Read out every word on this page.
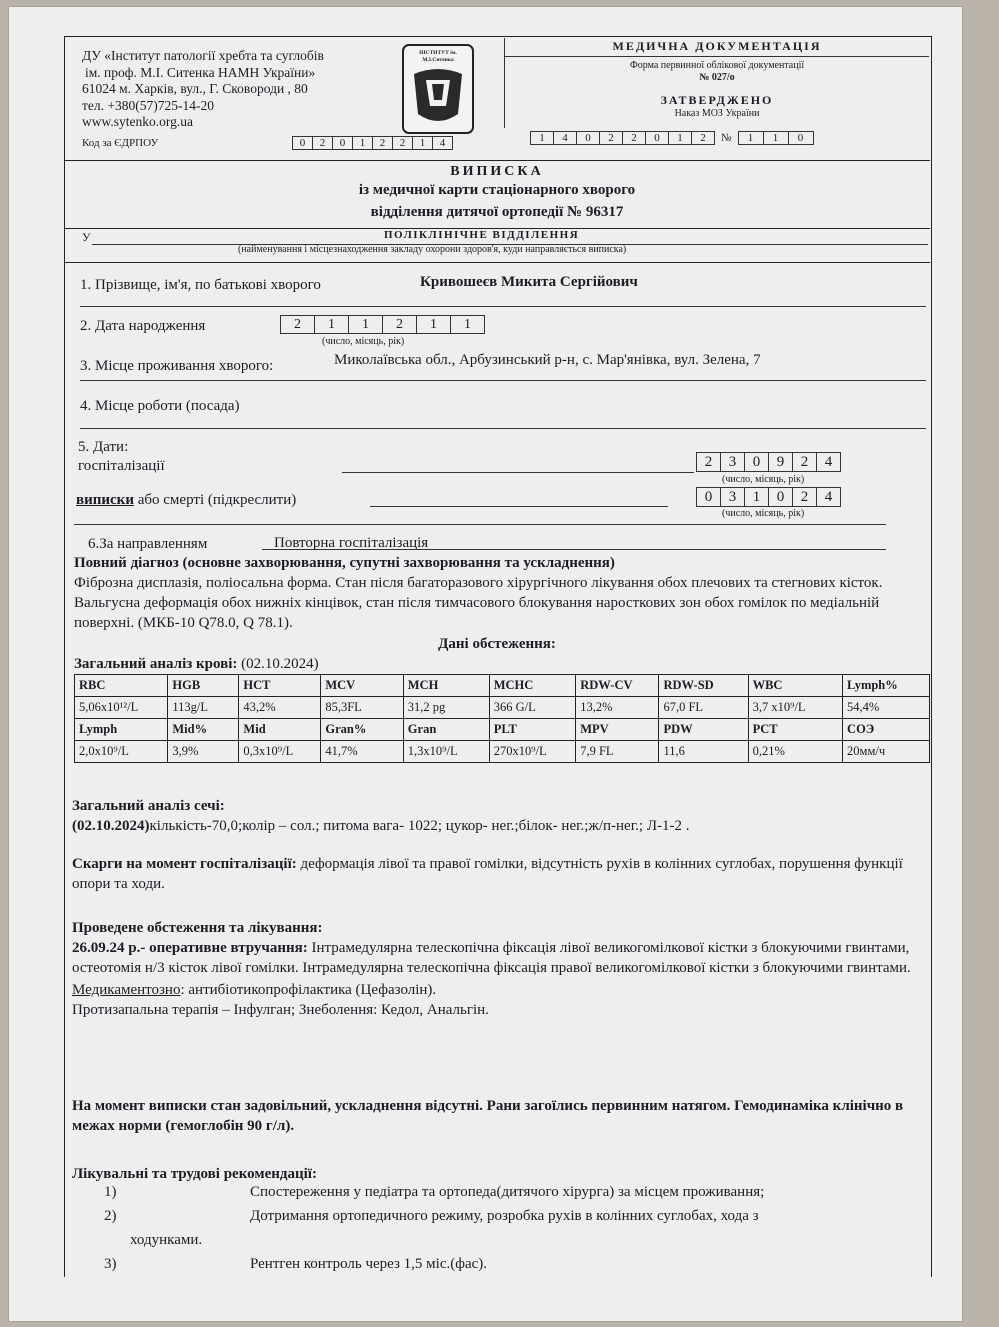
ДУ «Інститут патології хребта та суглобів
ім. проф. М.І. Ситенка НАМН України»
61024 м. Харків, вул., Г. Сковороди , 80
тел. +380(57)725-14-20
www.sytenko.org.ua
ІНСТИТУТ ім. М.І.Ситенка
Код за ЄДРПОУ	0	2	0	1	2	2	1	4
МЕДИЧНА ДОКУМЕНТАЦІЯ
Форма первинної облікової документації
№ 027/о
ЗАТВЕРДЖЕНО
Наказ МОЗ України
1	4	0	2	2	0	1	2	№	1	1	0
ВИПИСКА
із медичної карти стаціонарного хворого
відділення дитячої ортопедії № 96317
У	ПОЛІКЛІНІЧНЕ ВІДДІЛЕННЯ
(найменування і місцезнаходження закладу охорони здоров'я, куди направляється виписка)
1. Прізвище, ім'я, по батькові хворого	Кривошеєв Микита Сергійович
2. Дата народження	2	1	1	2	1	1
(число, місяць, рік)
3. Місце проживання хворого:	Миколаївська обл., Арбузинський р-н, с. Мар'янівка, вул. Зелена, 7
4. Місце роботи (посада)
5. Дати:
госпіталізації	2	3	0	9	2	4
(число, місяць, рік)
виписки або смерті (підкреслити)	0	3	1	0	2	4
(число, місяць, рік)
6.За направленням	Повторна госпіталізація
Повний діагноз (основне захворювання, супутні захворювання та ускладнення)
Фіброзна дисплазія, поліосальна форма. Стан після багаторазового хірургічного лікування обох плечових та стегнових кісток. Вальгусна деформація обох нижніх кінцівок, стан після тимчасового блокування наросткових зон обох гомілок по медіальній поверхні. (МКБ-10 Q78.0, Q 78.1).
Дані обстеження:
Загальний аналіз крові: (02.10.2024)
RBC	HGB	HCT	MCV	MCH	MCHC	RDW-CV	RDW-SD	WBC	Lymph%
5,06x10¹²/L	113g/L	43,2%	85,3FL	31,2 pg	366 G/L	13,2%	67,0 FL	3,7 x10⁹/L	54,4%
Lymph	Mid%	Mid	Gran%	Gran	PLT	MPV	PDW	PCT	СОЭ
2,0x10⁹/L	3,9%	0,3x10⁹/L	41,7%	1,3x10⁹/L	270x10⁹/L	7,9 FL	11,6	0,21%	20мм/ч
Загальний аналіз сечі:
(02.10.2024)кількість-70,0;колір – сол.; питома вага- 1022; цукор- нег.;білок- нег.;ж/п-нег.; Л-1-2 .
Скарги на момент госпіталізації: деформація лівої та правої гомілки, відсутність рухів в колінних суглобах, порушення функції опори та ходи.
Проведене обстеження та лікування:
26.09.24 р.- оперативне втручання: Інтрамедулярна телескопічна фіксація лівої великогомілкової кістки з блокуючими гвинтами, остеотомія н/3 кісток лівої гомілки. Інтрамедулярна телескопічна фіксація правої великогомілкової кістки з блокуючими гвинтами.
Медикаментозно: антибіотикопрофілактика (Цефазолін).
Протизапальна терапія – Інфулган; Знеболення: Кедол, Анальгін.
На момент виписки стан задовільний, ускладнення відсутні. Рани загоїлись первинним натягом. Гемодинаміка клінічно в межах норми (гемоглобін 90 г/л).
Лікувальні та трудові рекомендації:
1)	Спостереження у педіатра та ортопеда(дитячого хірурга) за місцем проживання;
2)	Дотримання ортопедичного режиму, розробка рухів в колінних суглобах, хода з
ходунками.
3)	Рентген контроль через 1,5 міс.(фас).
